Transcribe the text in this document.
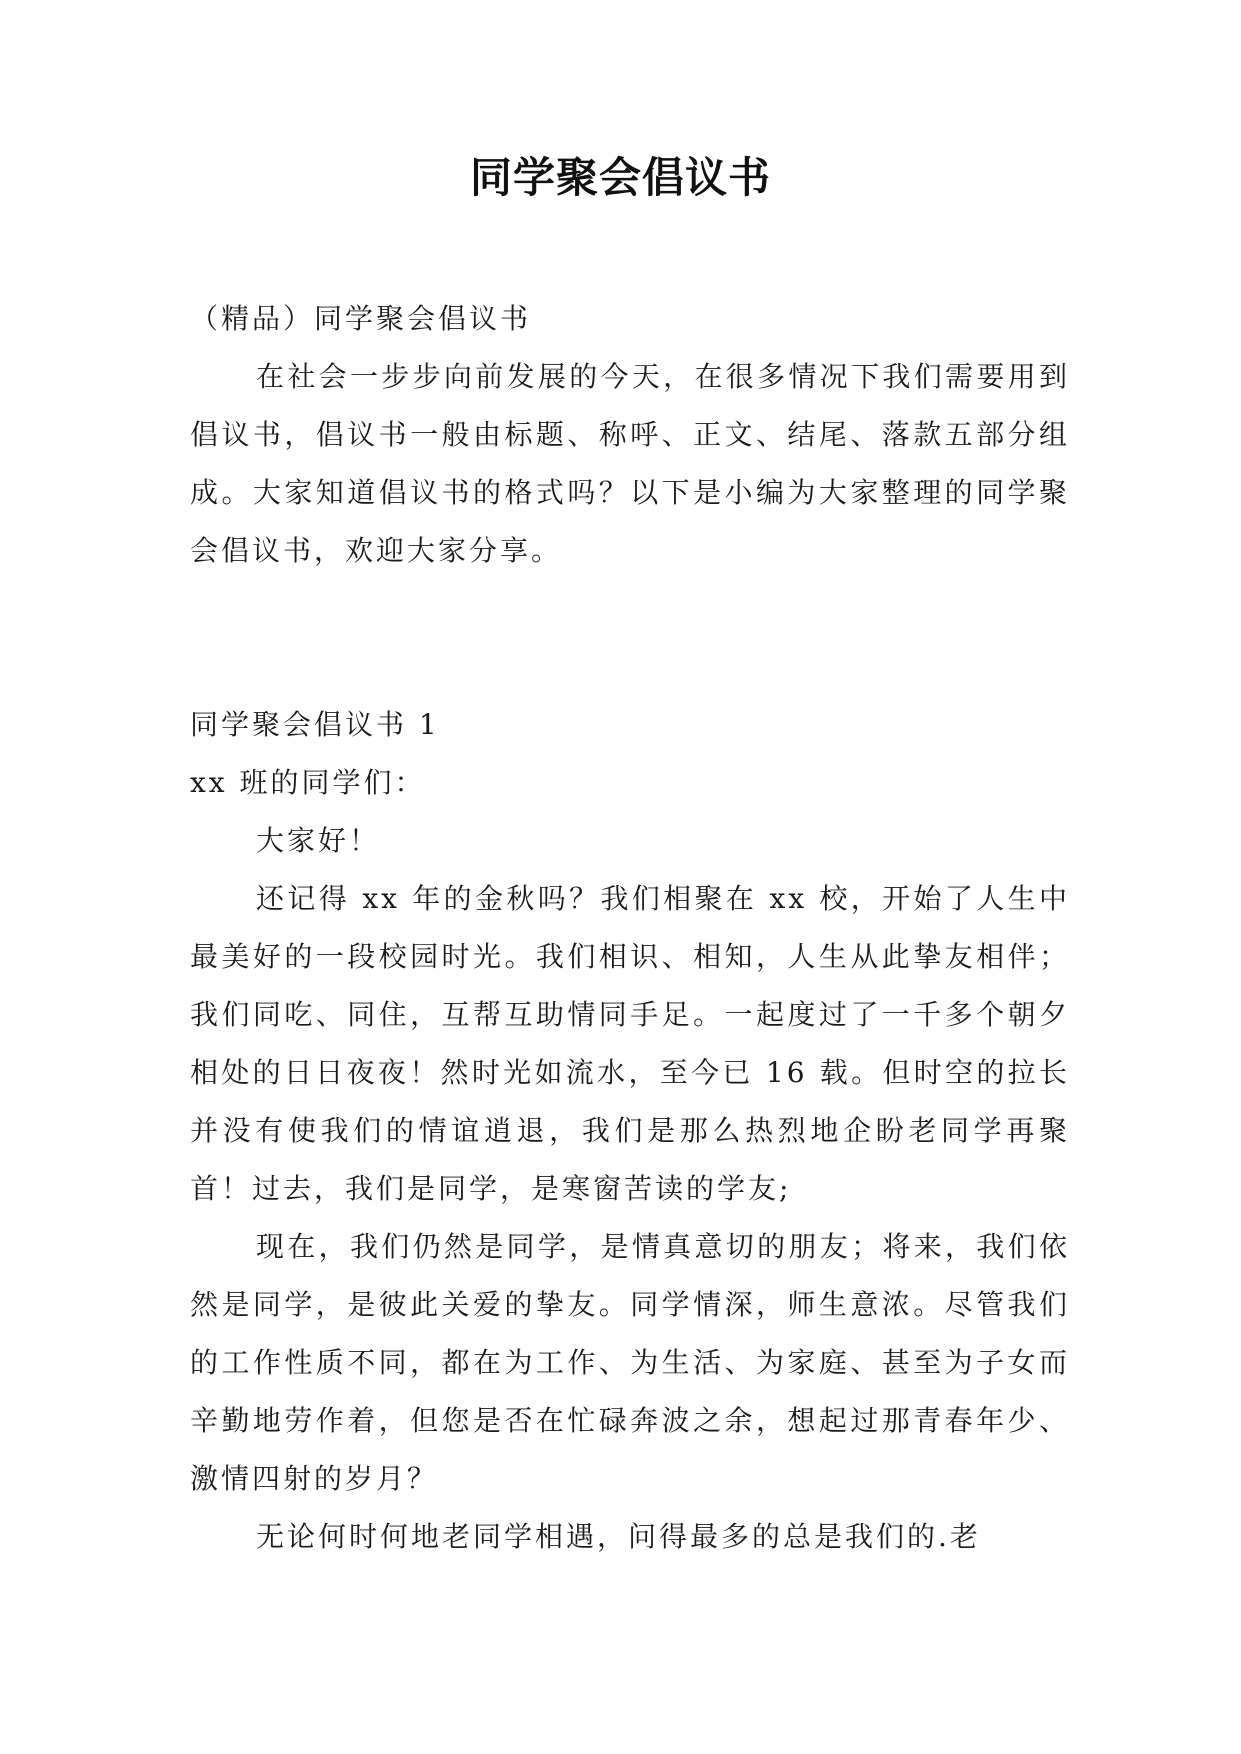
同学聚会倡议书

（精品）同学聚会倡议书

在社会一步步向前发展的今天，在很多情况下我们需要用到倡议书，倡议书一般由标题、称呼、正文、结尾、落款五部分组成。大家知道倡议书的格式吗？以下是小编为大家整理的同学聚会倡议书，欢迎大家分享。

同学聚会倡议书 1

xx 班的同学们：

大家好！

还记得 xx 年的金秋吗？我们相聚在 xx 校，开始了人生中最美好的一段校园时光。我们相识、相知，人生从此挚友相伴；我们同吃、同住，互帮互助情同手足。一起度过了一千多个朝夕相处的日日夜夜！然时光如流水，至今已 16 载。但时空的拉长并没有使我们的情谊逍退，我们是那么热烈地企盼老同学再聚首！过去，我们是同学，是寒窗苦读的学友;

现在，我们仍然是同学，是情真意切的朋友；将来，我们依然是同学，是彼此关爱的挚友。同学情深，师生意浓。尽管我们的工作性质不同，都在为工作、为生活、为家庭、甚至为子女而辛勤地劳作着，但您是否在忙碌奔波之余，想起过那青春年少、激情四射的岁月？

无论何时何地老同学相遇，问得最多的总是我们的.老
